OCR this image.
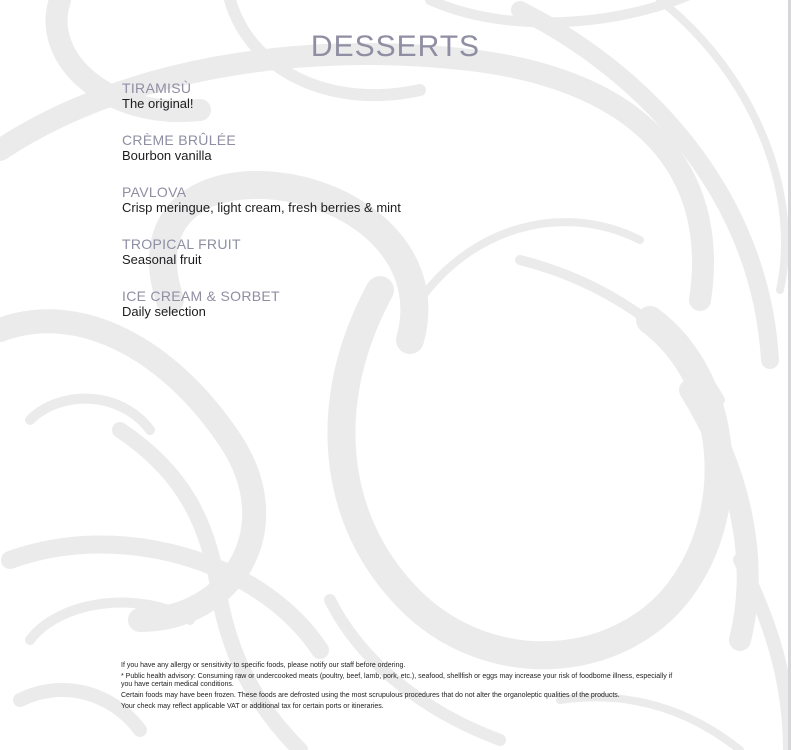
DESSERTS
TIRAMISÙ
The original!
CRÈME BRÛLÉE
Bourbon vanilla
PAVLOVA
Crisp meringue, light cream, fresh berries & mint
TROPICAL FRUIT
Seasonal fruit
ICE CREAM & SORBET
Daily selection

If you have any allergy or sensitivity to specific foods, please notify our staff before ordering.

* Public health advisory: Consuming raw or undercooked meats (poultry, beef, lamb, pork, etc.), seafood, shellfish or eggs may increase your risk of foodborne illness, especially if you have certain medical conditions.

Certain foods may have been frozen. These foods are defrosted using the most scrupulous procedures that do not alter the organoleptic qualities of the products.

Your check may reflect applicable VAT or additional tax for certain ports or itineraries.
